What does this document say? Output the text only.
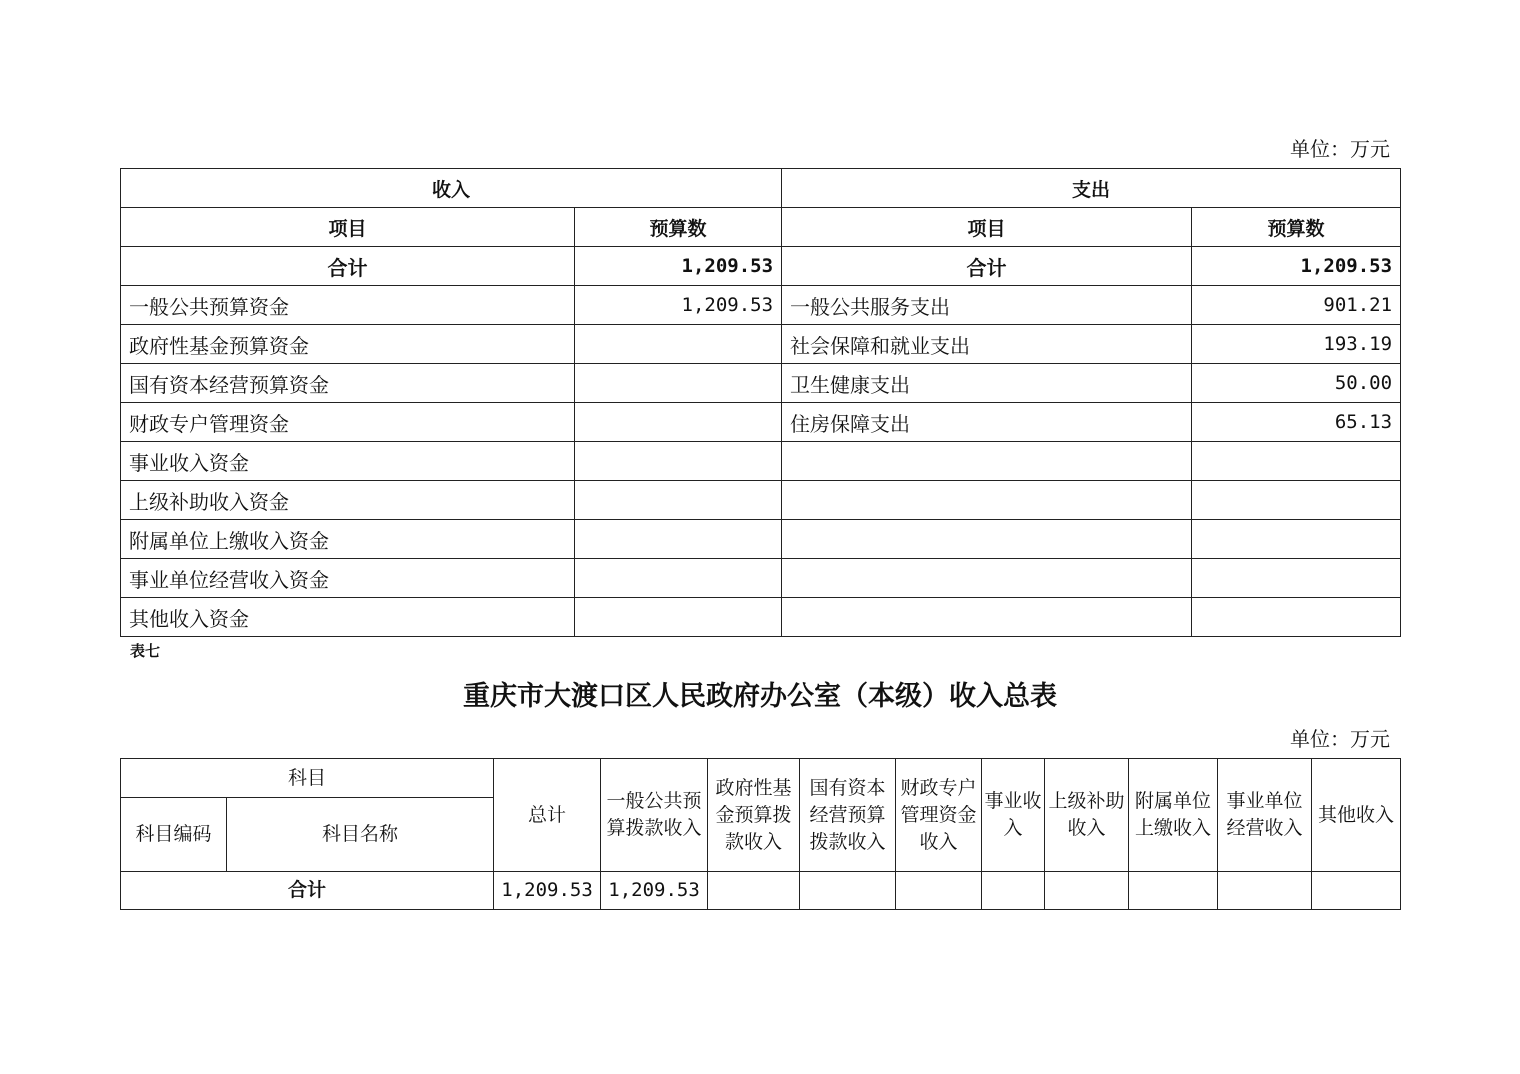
单位：万元
收入		支出	
项目	预算数	项目	预算数
合计	1,209.53	合计	1,209.53
一般公共预算资金	1,209.53	一般公共服务支出	901.21
政府性基金预算资金		社会保障和就业支出	193.19
国有资本经营预算资金		卫生健康支出	50.00
财政专户管理资金		住房保障支出	65.13
事业收入资金			
上级补助收入资金			
附属单位上缴收入资金			
事业单位经营收入资金			
其他收入资金			
表七
重庆市大渡口区人民政府办公室（本级）收入总表
单位：万元
科目		总计	一般公共预算拨款收入	政府性基金预算拨款收入	国有资本经营预算拨款收入	财政专户管理资金收入	事业收入	上级补助收入	附属单位上缴收入	事业单位经营收入	其他收入
科目编码	科目名称										
合计		1,209.53	1,209.53								
